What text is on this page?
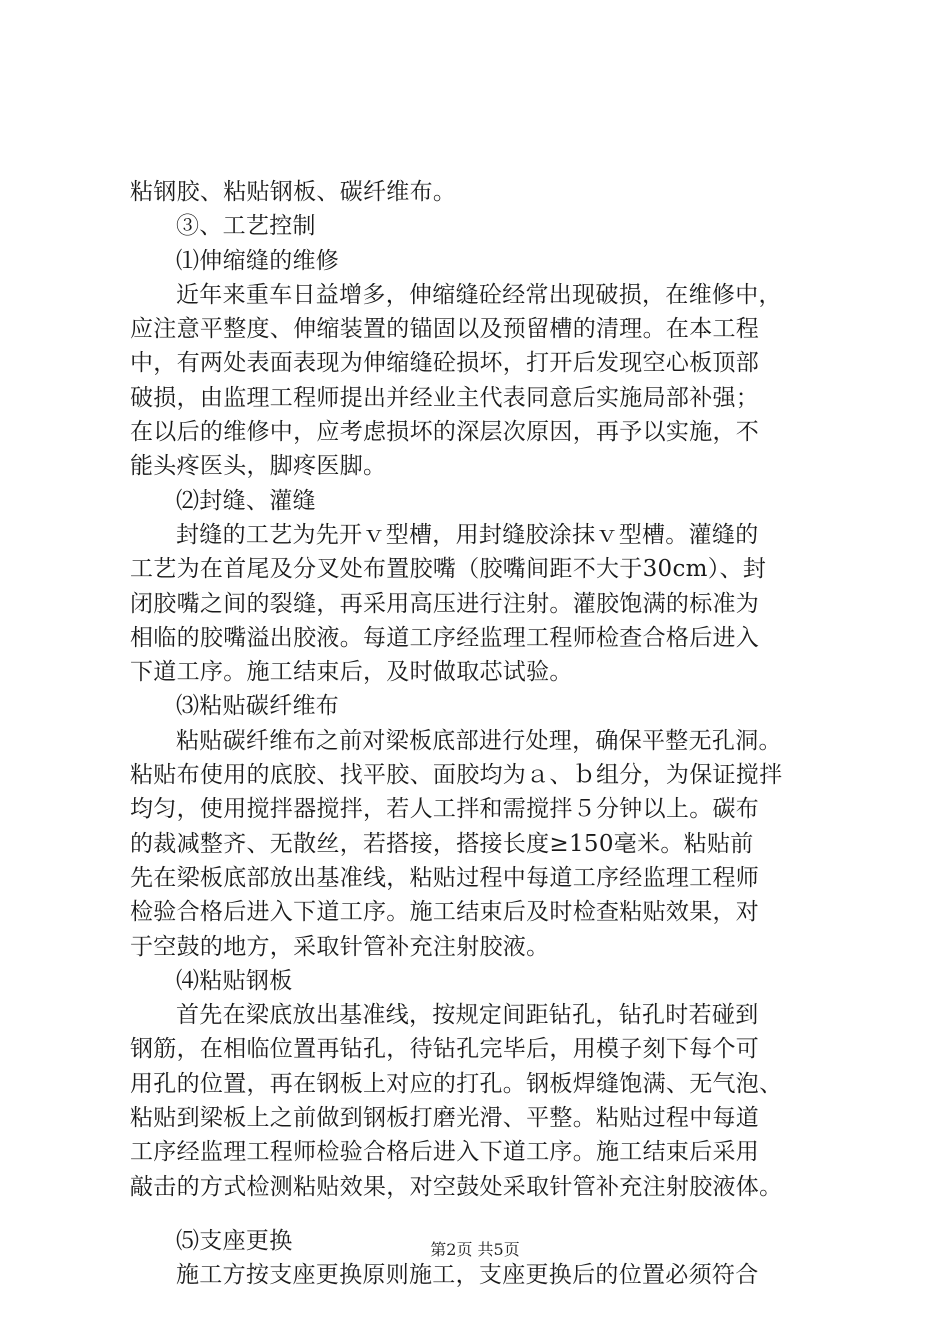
粘钢胶、粘贴钢板、碳纤维布。
③、工艺控制
⑴伸缩缝的维修
近年来重车日益增多，伸缩缝砼经常出现破损，在维修中，
应注意平整度、伸缩装置的锚固以及预留槽的清理。在本工程
中，有两处表面表现为伸缩缝砼损坏，打开后发现空心板顶部
破损，由监理工程师提出并经业主代表同意后实施局部补强；
在以后的维修中，应考虑损坏的深层次原因，再予以实施，不
能头疼医头，脚疼医脚。
⑵封缝、灌缝
封缝的工艺为先开ｖ型槽，用封缝胶涂抹ｖ型槽。灌缝的
工艺为在首尾及分叉处布置胶嘴（胶嘴间距不大于30cm）、封
闭胶嘴之间的裂缝，再采用高压进行注射。灌胶饱满的标准为
相临的胶嘴溢出胶液。每道工序经监理工程师检查合格后进入
下道工序。施工结束后，及时做取芯试验。
⑶粘贴碳纤维布
粘贴碳纤维布之前对梁板底部进行处理，确保平整无孔洞。
粘贴布使用的底胶、找平胶、面胶均为ａ、ｂ组分，为保证搅拌
均匀，使用搅拌器搅拌，若人工拌和需搅拌５分钟以上。碳布
的裁减整齐、无散丝，若搭接，搭接长度≥150毫米。粘贴前
先在梁板底部放出基准线，粘贴过程中每道工序经监理工程师
检验合格后进入下道工序。施工结束后及时检查粘贴效果，对
于空鼓的地方，采取针管补充注射胶液。
⑷粘贴钢板
首先在梁底放出基准线，按规定间距钻孔，钻孔时若碰到
钢筋，在相临位置再钻孔，待钻孔完毕后，用模子刻下每个可
用孔的位置，再在钢板上对应的打孔。钢板焊缝饱满、无气泡、
粘贴到梁板上之前做到钢板打磨光滑、平整。粘贴过程中每道
工序经监理工程师检验合格后进入下道工序。施工结束后采用
敲击的方式检测粘贴效果，对空鼓处采取针管补充注射胶液体。
⑸支座更换
施工方按支座更换原则施工，支座更换后的位置必须符合
第2页 共5页
